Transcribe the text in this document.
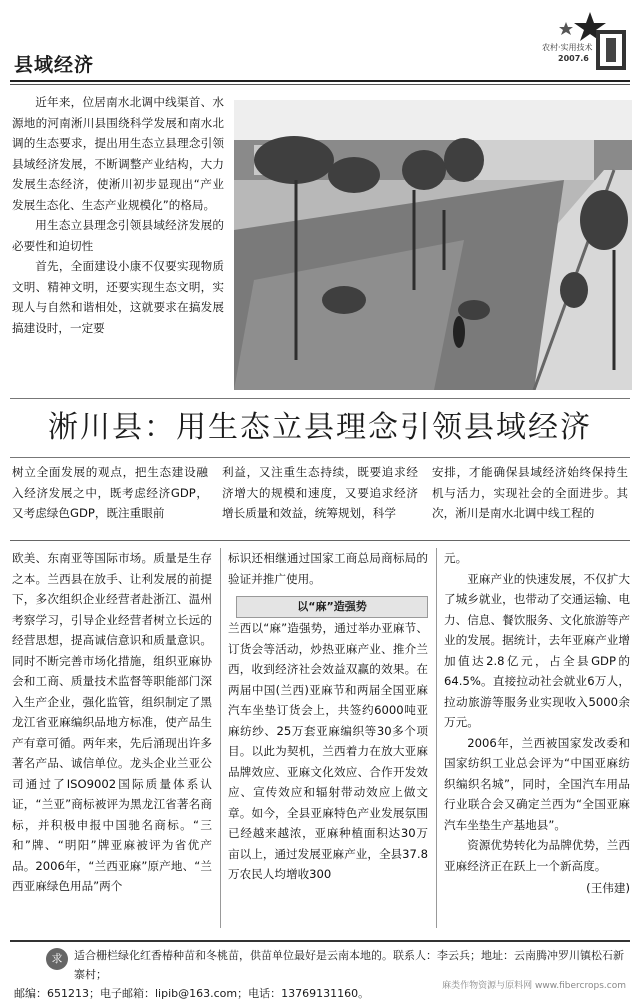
县域经济
农村·实用技术
2007.6

近年来，位居南水北调中线渠首、水源地的河南淅川县围绕科学发展和南水北调的生态要求，提出用生态立县理念引领县域经济发展，不断调整产业结构，大力发展生态经济，使淅川初步显现出“产业发展生态化、生态产业规模化”的格局。

用生态立县理念引领县域经济发展的必要性和迫切性

首先，全面建设小康不仅要实现物质文明、精神文明，还要实现生态文明，实现人与自然和谐相处，这就要求在搞发展搞建设时，一定要

淅川县：用生态立县理念引领县域经济
树立全面发展的观点，把生态建设融入经济发展之中，既考虑经济GDP，又考虑绿色GDP，既注重眼前
利益，又注重生态持续，既要追求经济增大的规模和速度，又要追求经济增长质量和效益，统筹规划，科学
安排，才能确保县域经济始终保持生机与活力，实现社会的全面进步。其次，淅川是南水北调中线工程的
欧美、东南亚等国际市场。质量是生存之本。兰西县在放手、让利发展的前提下，多次组织企业经营者赴浙江、温州考察学习，引导企业经营者树立长远的经营思想，提高诚信意识和质量意识。同时不断完善市场化措施，组织亚麻协会和工商、质量技术监督等职能部门深入生产企业，强化监管，组织制定了黑龙江省亚麻编织品地方标准，使产品生产有章可循。两年来，先后涌现出许多著名产品、诚信单位。龙头企业兰亚公司通过了ISO9002国际质量体系认证，“兰亚”商标被评为黑龙江省著名商标，并积极申报中国驰名商标。“三和”牌、“明阳”牌亚麻被评为省优产品。2006年，“兰西亚麻”原产地、“兰西亚麻绿色用品”两个
标识还相继通过国家工商总局商标局的验证并推广使用。
以“麻”造强势
兰西以“麻”造强势，通过举办亚麻节、订货会等活动，炒热亚麻产业、推介兰西，收到经济社会效益双赢的效果。在两届中国(兰西)亚麻节和两届全国亚麻汽车坐垫订货会上，共签约6000吨亚麻纺纱、25万套亚麻编织等30多个项目。以此为契机，兰西着力在放大亚麻品牌效应、亚麻文化效应、合作开发效应、宣传效应和辐射带动效应上做文章。如今，全县亚麻特色产业发展氛围已经越来越浓，亚麻种植面积达30万亩以上，通过发展亚麻产业，全县37.8万农民人均增收300
元。

亚麻产业的快速发展，不仅扩大了城乡就业，也带动了交通运输、电力、信息、餐饮服务、文化旅游等产业的发展。据统计，去年亚麻产业增加值达2.8亿元，占全县GDP的64.5%。直接拉动社会就业6万人，拉动旅游等服务业实现收入5000余万元。

2006年，兰西被国家发改委和国家纺织工业总会评为“中国亚麻纺织编织名城”，同时，全国汽车用品行业联合会又确定兰西为“全国亚麻汽车坐垫生产基地县”。

资源优势转化为品牌优势，兰西亚麻经济正在跃上一个新高度。

(王伟建)
求	适合栅栏绿化红香椿种苗和冬桃苗，供苗单位最好是云南本地的。联系人：李云兵；地址：云南腾冲罗川镇松石新寨村；
邮编：651213；电子邮箱：lipib@163.com；电话：13769131160。
麻类作物资源与原料网 www.fibercrops.com
